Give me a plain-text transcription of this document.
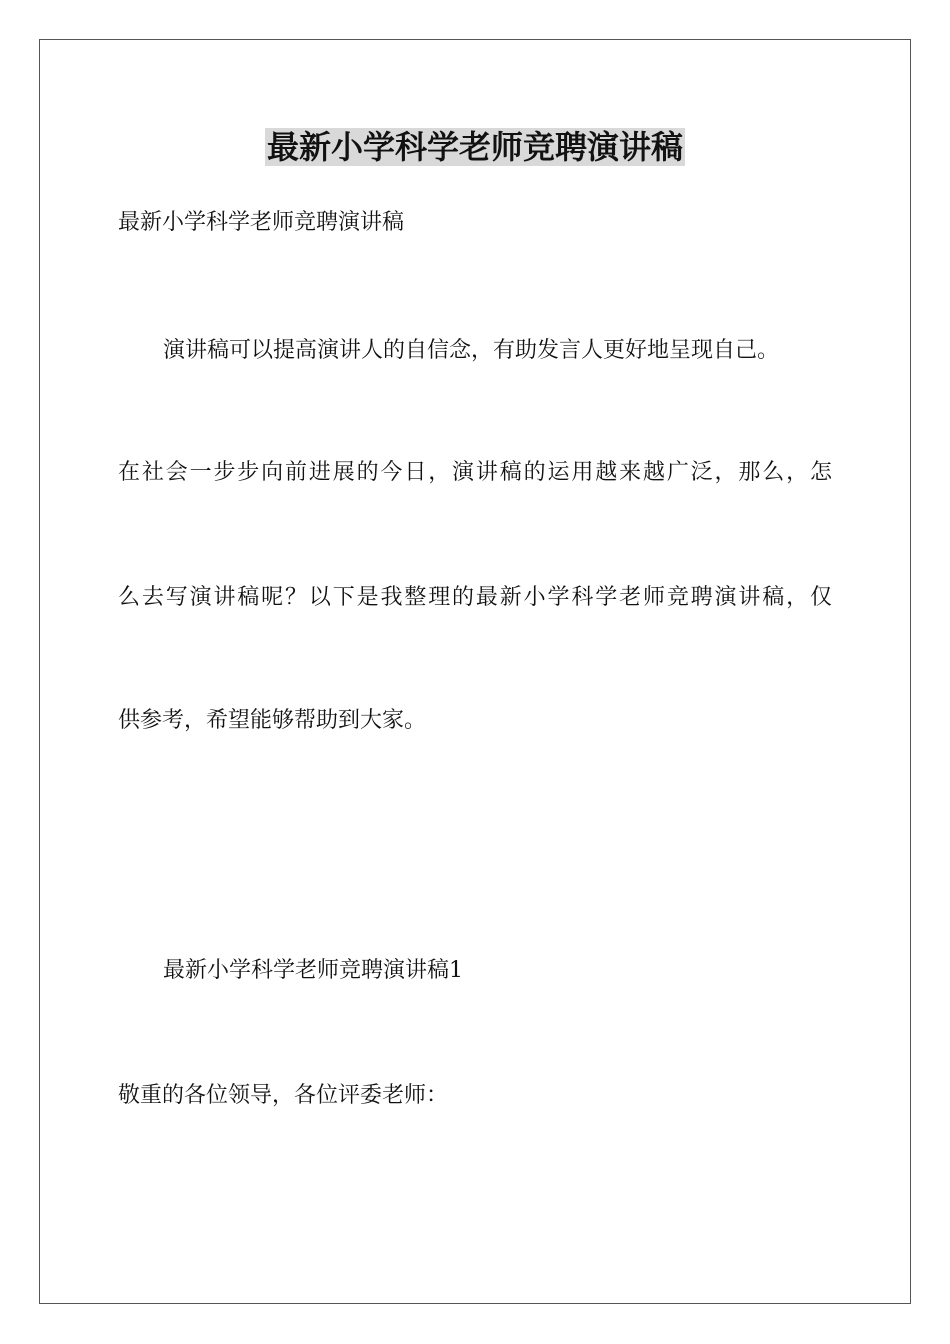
最新小学科学老师竞聘演讲稿
最新小学科学老师竞聘演讲稿
演讲稿可以提高演讲人的自信念，有助发言人更好地呈现自己。
在社会一步步向前进展的今日，演讲稿的运用越来越广泛，那么，怎
么去写演讲稿呢？以下是我整理的最新小学科学老师竞聘演讲稿，仅
供参考，希望能够帮助到大家。
最新小学科学老师竞聘演讲稿1
敬重的各位领导，各位评委老师：
